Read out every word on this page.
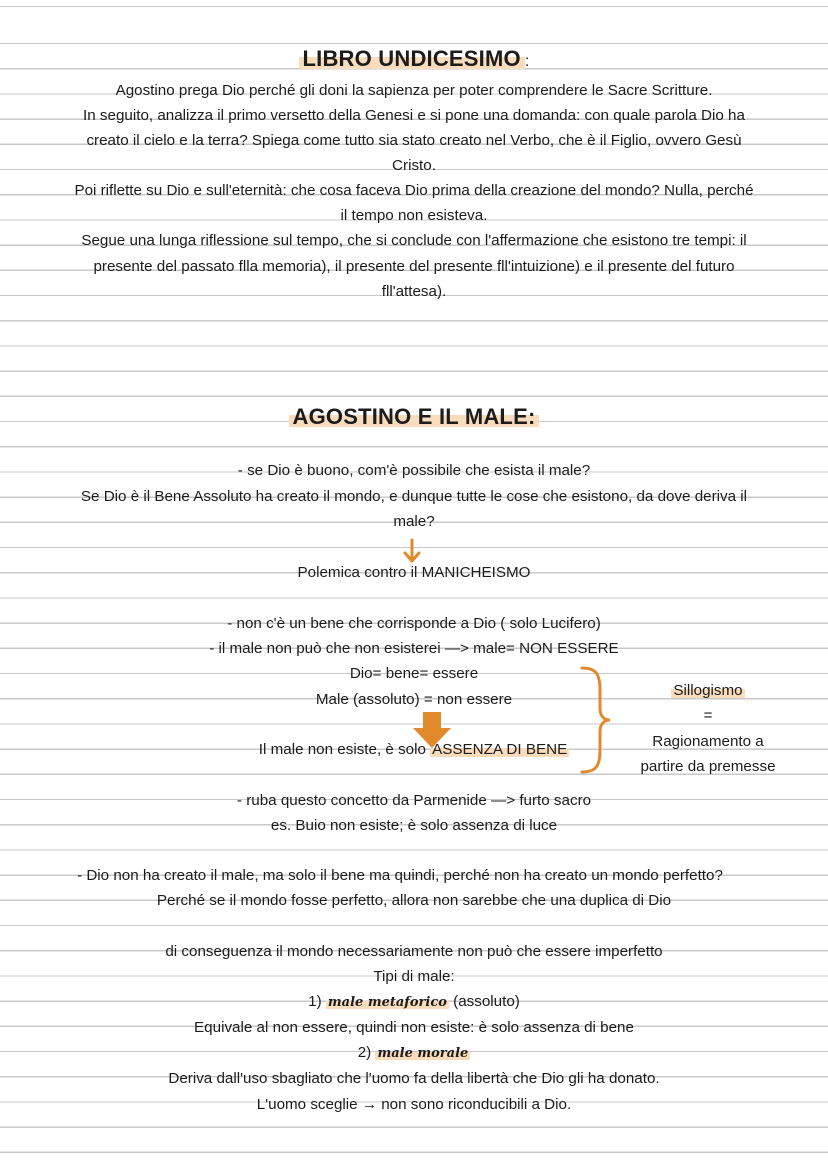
LIBRO UNDICESIMO :
Agostino prega Dio perché gli doni la sapienza per poter comprendere le Sacre Scritture.
In seguito, analizza il primo versetto della Genesi e si pone una domanda: con quale parola Dio ha
creato il cielo e la terra? Spiega come tutto sia stato creato nel Verbo, che è il Figlio, ovvero Gesù
Cristo.
Poi riflette su Dio e sull'eternità: che cosa faceva Dio prima della creazione del mondo? Nulla, perché
il tempo non esisteva.
Segue una lunga riflessione sul tempo, che si conclude con l'affermazione che esistono tre tempi: il
presente del passato flla memoria), il presente del presente fll'intuizione) e il presente del futuro
fll'attesa).
AGOSTINO E IL MALE:
- se Dio è buono, com'è possibile che esista il male?
Se Dio è il Bene Assoluto ha creato il mondo, e dunque tutte le cose che esistono, da dove deriva il
male?
Polemica contro il MANICHEISMO
- non c'è un bene che corrisponde a Dio ( solo Lucifero)
- il male non può che non esisterei —> male= NON ESSERE
Dio= bene= essere
Male (assoluto) = non essere
Il male non esiste, è solo ASSENZA DI BENE
Sillogismo
=
Ragionamento a
partire da premesse
- ruba questo concetto da Parmenide —> furto sacro
es. Buio non esiste; è solo assenza di luce
- Dio non ha creato il male, ma solo il bene ma quindi, perché non ha creato un mondo perfetto?
Perché se il mondo fosse perfetto, allora non sarebbe che una duplica di Dio
di conseguenza il mondo necessariamente non può che essere imperfetto
Tipi di male:
1) male metaforico (assoluto)
Equivale al non essere, quindi non esiste: è solo assenza di bene
2) male morale
Deriva dall'uso sbagliato che l'uomo fa della libertà che Dio gli ha donato.
L'uomo sceglie → non sono riconducibili a Dio.
